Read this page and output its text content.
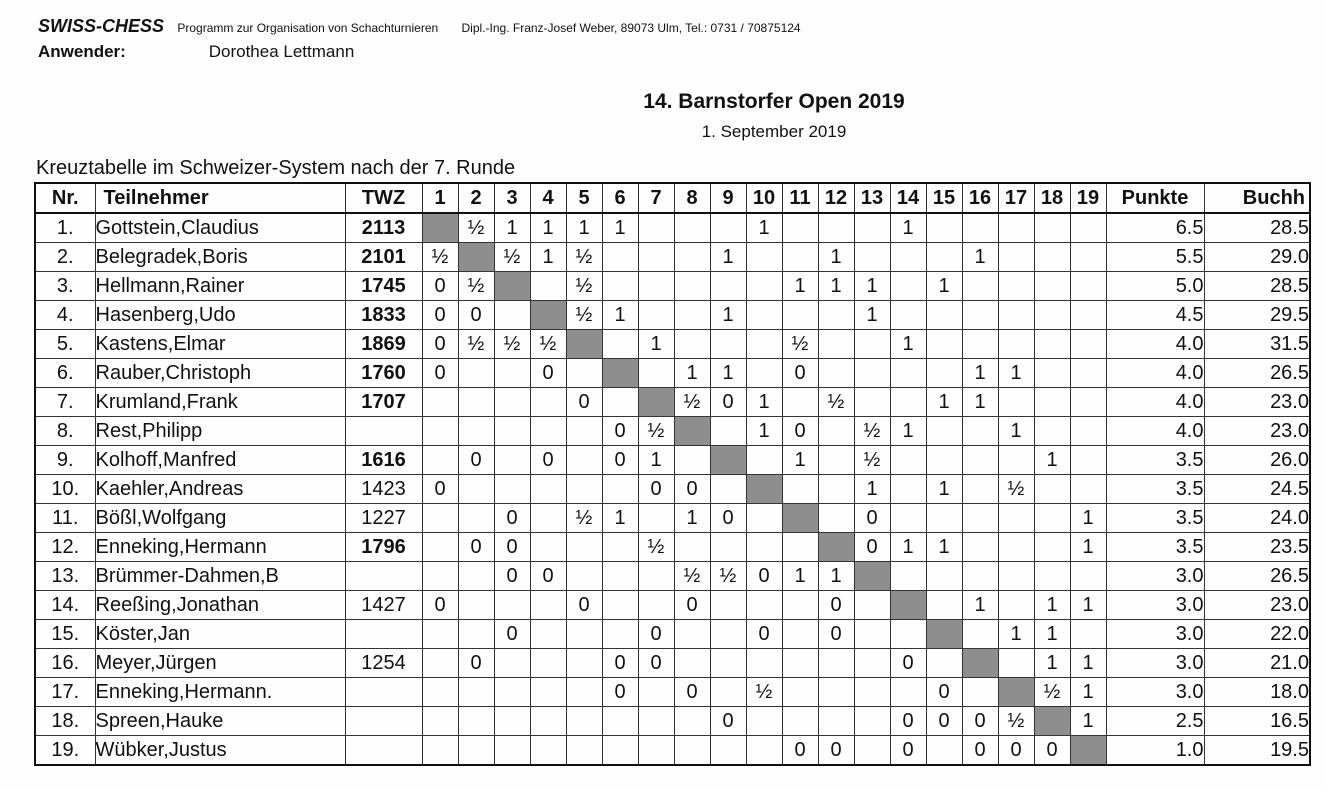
SWISS-CHESS Programm zur Organisation von Schachturnieren Dipl.-Ing. Franz-Josef Weber, 89073 Ulm, Tel.: 0731 / 70875124
Anwender:	Dorothea Lettmann
14. Barnstorfer Open 2019
1. September 2019
Kreuztabelle im Schweizer-System nach der 7. Runde
Nr.	Teilnehmer	TWZ	1	2	3	4	5	6	7	8	9	10	11	12	13	14	15	16	17	18	19	Punkte	Buchh
1.	Gottstein,Claudius	2113		½	1	1	1	1				1				1						6.5	28.5
2.	Belegradek,Boris	2101	½		½	1	½				1			1				1				5.5	29.0
3.	Hellmann,Rainer	1745	0	½			½						1	1	1		1					5.0	28.5
4.	Hasenberg,Udo	1833	0	0			½	1			1				1							4.5	29.5
5.	Kastens,Elmar	1869	0	½	½	½			1				½			1						4.0	31.5
6.	Rauber,Christoph	1760	0			0				1	1		0					1	1			4.0	26.5
7.	Krumland,Frank	1707					0			½	0	1		½			1	1				4.0	23.0
8.	Rest,Philipp							0	½			1	0		½	1			1			4.0	23.0
9.	Kolhoff,Manfred	1616		0		0		0	1				1		½					1		3.5	26.0
10.	Kaehler,Andreas	1423	0						0	0					1		1		½			3.5	24.5
11.	Bößl,Wolfgang	1227			0		½	1		1	0				0						1	3.5	24.0
12.	Enneking,Hermann	1796		0	0				½						0	1	1				1	3.5	23.5
13.	Brümmer-Dahmen,B				0	0				½	½	0	1	1								3.0	26.5
14.	Reeßing,Jonathan	1427	0				0			0				0				1		1	1	3.0	23.0
15.	Köster,Jan				0				0			0		0					1	1		3.0	22.0
16.	Meyer,Jürgen	1254		0				0	0							0				1	1	3.0	21.0
17.	Enneking,Hermann.							0		0		½					0			½	1	3.0	18.0
18.	Spreen,Hauke										0					0	0	0	½		1	2.5	16.5
19.	Wübker,Justus												0	0		0		0	0	0		1.0	19.5
